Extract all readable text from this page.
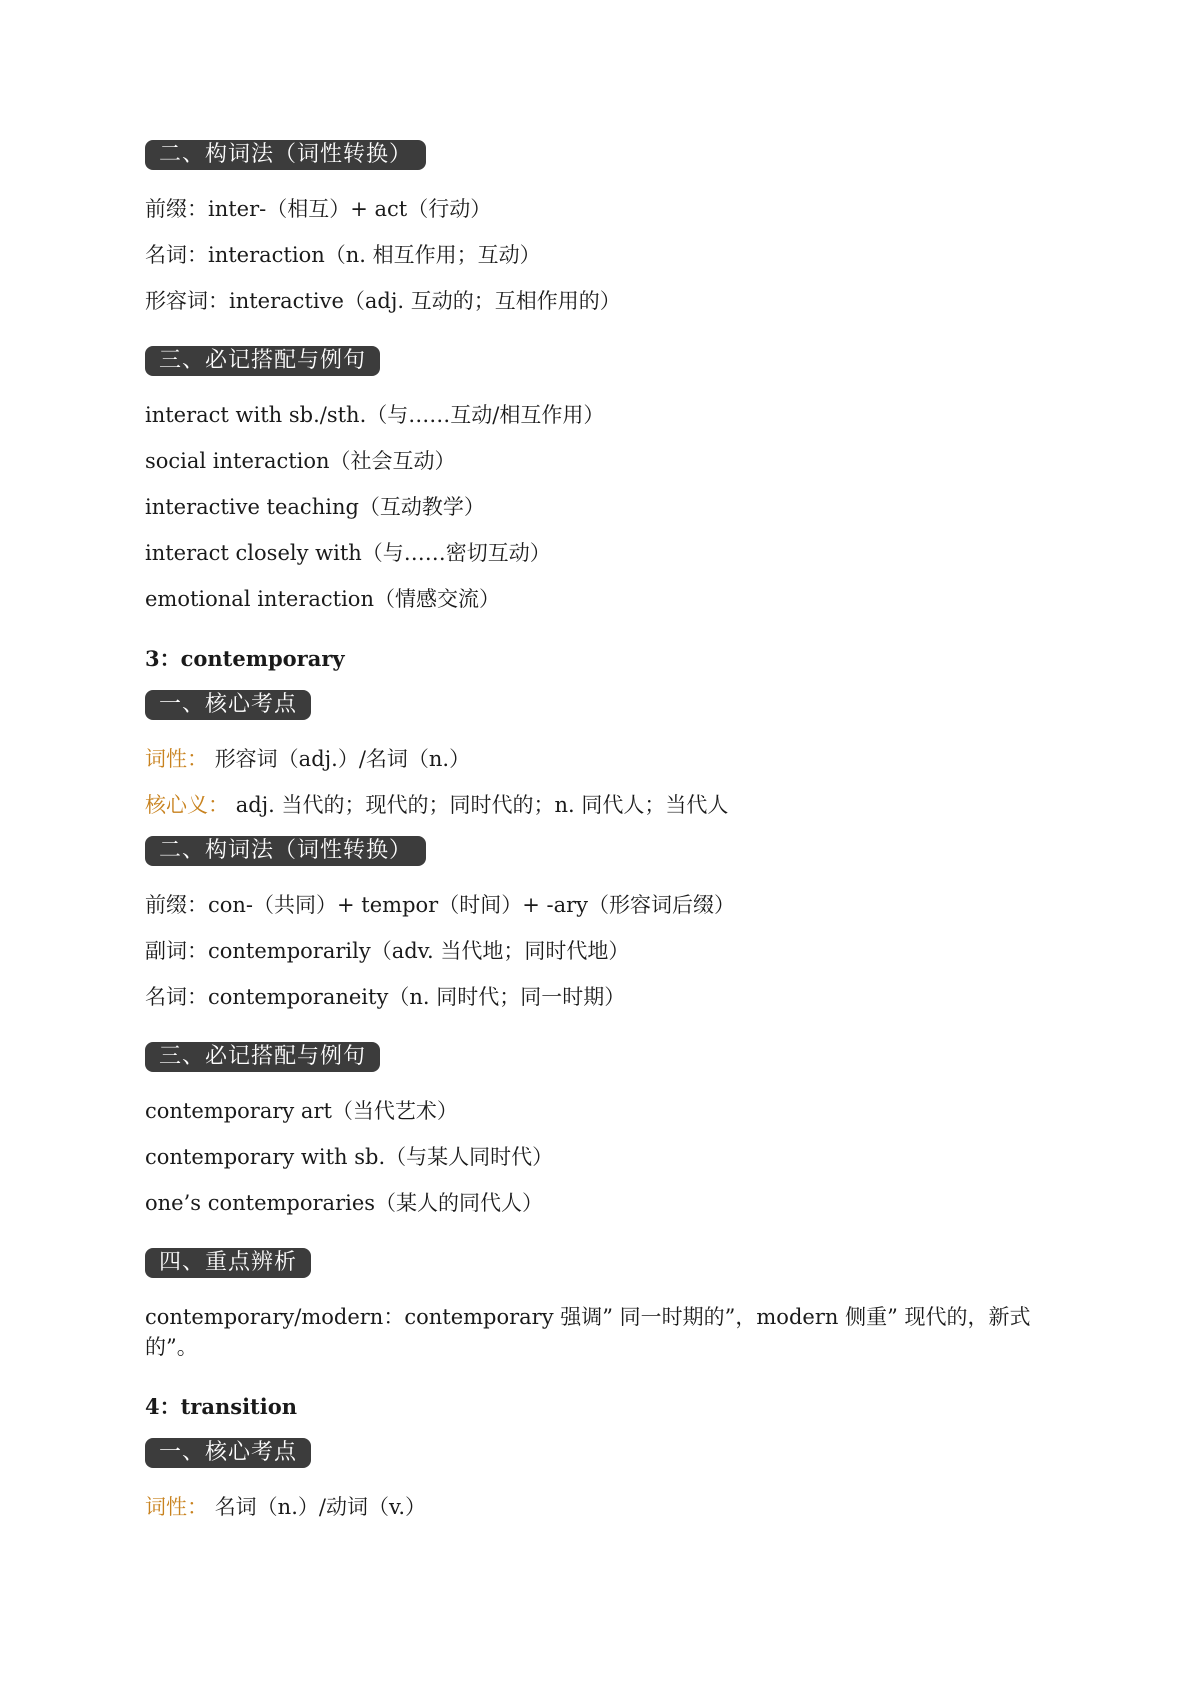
二、构词法（词性转换）
前缀：inter-（相互）+ act（行动）
名词：interaction（n. 相互作用；互动）
形容词：interactive（adj. 互动的；互相作用的）
三、必记搭配与例句
interact with sb./sth.（与……互动/相互作用）
social interaction（社会互动）
interactive teaching（互动教学）
interact closely with（与……密切互动）
emotional interaction（情感交流）
3：contemporary
一、核心考点
词性： 形容词（adj.）/名词（n.）
核心义： adj. 当代的；现代的；同时代的；n. 同代人；当代人
二、构词法（词性转换）
前缀：con-（共同）+ tempor（时间）+ -ary（形容词后缀）
副词：contemporarily（adv. 当代地；同时代地）
名词：contemporaneity（n. 同时代；同一时期）
三、必记搭配与例句
contemporary art（当代艺术）
contemporary with sb.（与某人同时代）
one’s contemporaries（某人的同代人）
四、重点辨析
contemporary/modern：contemporary 强调” 同一时期的”，modern 侧重” 现代的，新式的”。
4：transition
一、核心考点
词性： 名词（n.）/动词（v.）
